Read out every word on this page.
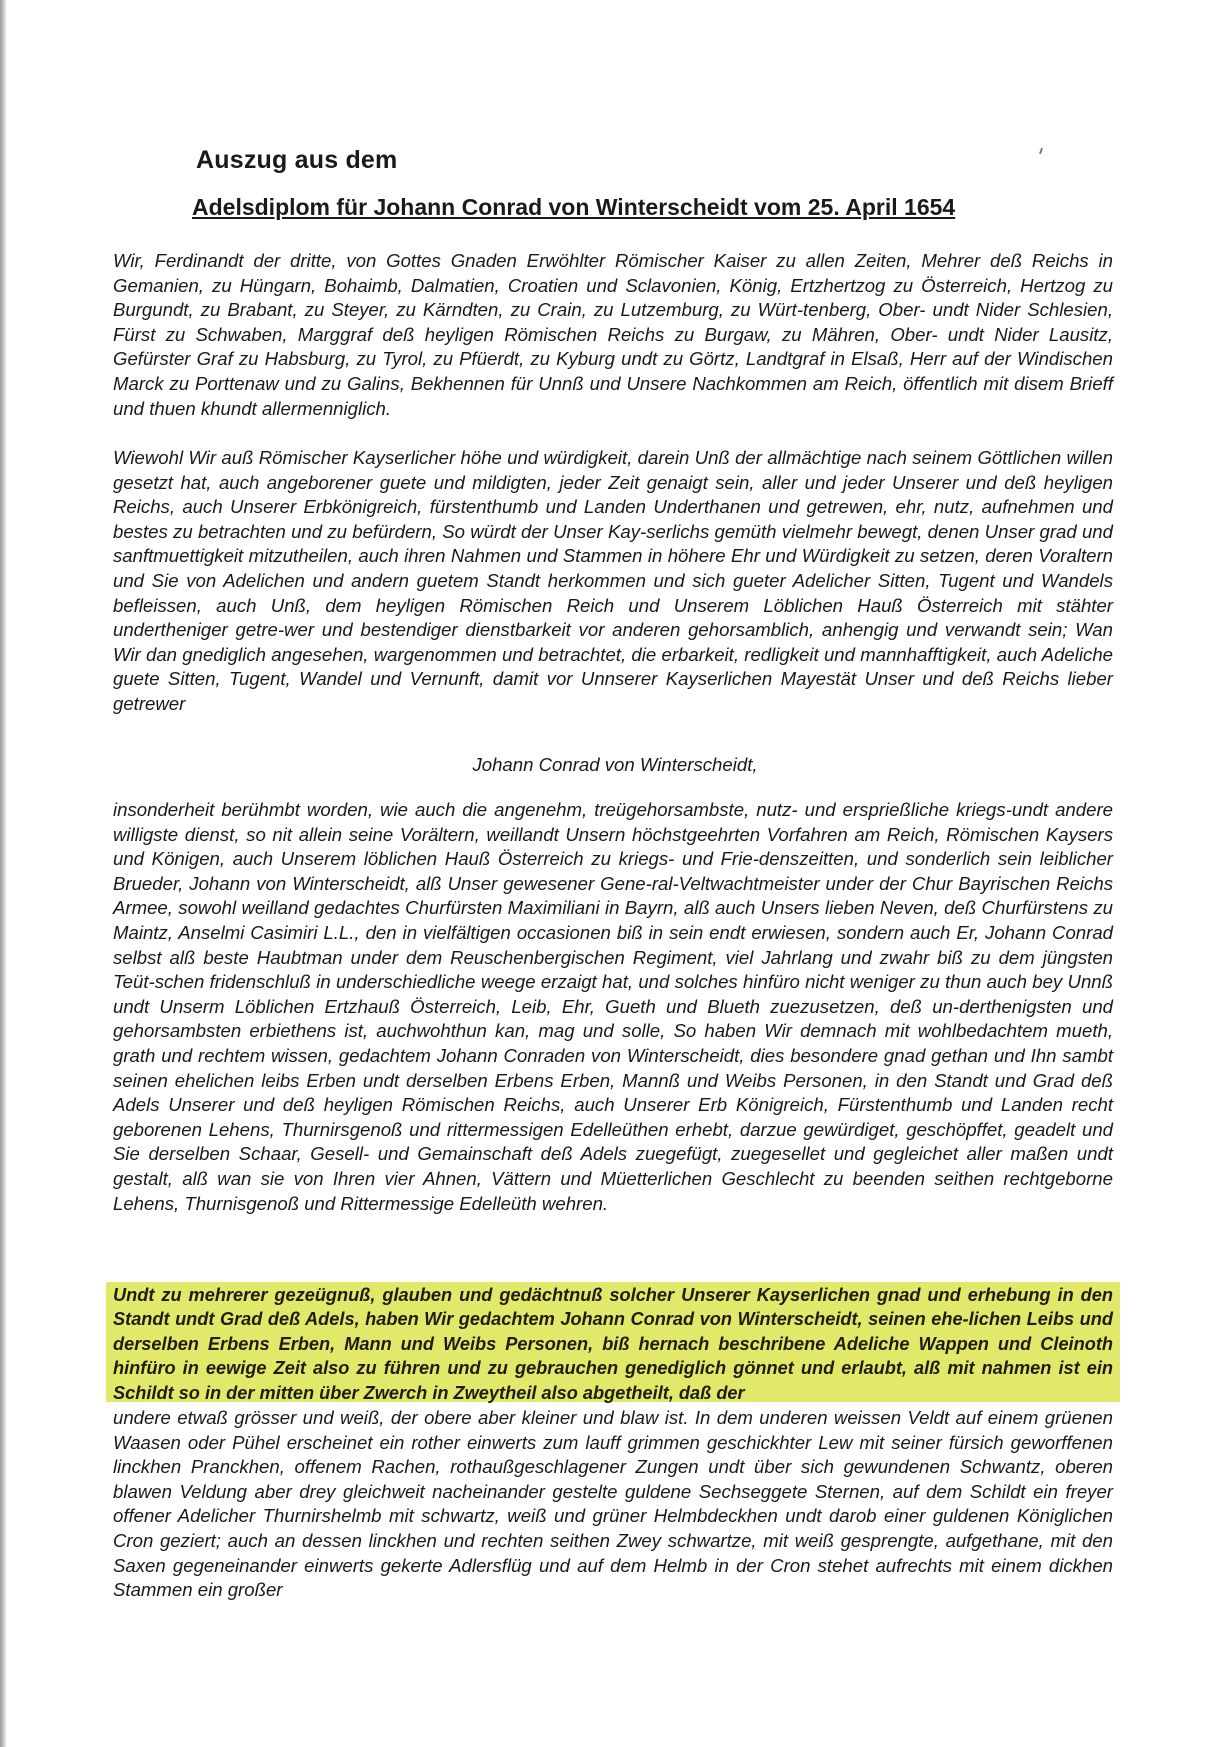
Auszug aus dem
Adelsdiplom für Johann Conrad von Winterscheidt vom 25. April 1654
Wir, Ferdinandt der dritte, von Gottes Gnaden Erwöhlter Römischer Kaiser zu allen Zeiten, Mehrer deß Reichs in Gemanien, zu Hüngarn, Bohaimb, Dalmatien, Croatien und Sclavonien, König, Ertzhertzog zu Österreich, Hertzog zu Burgundt, zu Brabant, zu Steyer, zu Kärndten, zu Crain, zu Lutzemburg, zu Würt-tenberg, Ober- undt Nider Schlesien, Fürst zu Schwaben, Marggraf deß heyligen Römischen Reichs zu Burgaw, zu Mähren, Ober- undt Nider Lausitz, Gefürster Graf zu Habsburg, zu Tyrol, zu Pfüerdt, zu Kyburg undt zu Görtz, Landtgraf in Elsaß, Herr auf der Windischen Marck zu Porttenaw und zu Galins, Bekhennen für Unnß und Unsere Nachkommen am Reich, öffentlich mit disem Brieff und thuen khundt allermenniglich.
Wiewohl Wir auß Römischer Kayserlicher höhe und würdigkeit, darein Unß der allmächtige nach seinem Göttlichen willen gesetzt hat, auch angeborener guete und mildigten, jeder Zeit genaigt sein, aller und jeder Unserer und deß heyligen Reichs, auch Unserer Erbkönigreich, fürstenthumb und Landen Underthanen und getrewen, ehr, nutz, aufnehmen und bestes zu betrachten und zu befürdern, So würdt der Unser Kay-serlichs gemüth vielmehr bewegt, denen Unser grad und sanftmuettigkeit mitzutheilen, auch ihren Nahmen und Stammen in höhere Ehr und Würdigkeit zu setzen, deren Voraltern und Sie von Adelichen und andern guetem Standt herkommen und sich gueter Adelicher Sitten, Tugent und Wandels befleissen, auch Unß, dem heyligen Römischen Reich und Unserem Löblichen Hauß Österreich mit stähter undertheniger getre-wer und bestendiger dienstbarkeit vor anderen gehorsamblich, anhengig und verwandt sein; Wan Wir dan gnediglich angesehen, wargenommen und betrachtet, die erbarkeit, redligkeit und mannhafftigkeit, auch Adeliche guete Sitten, Tugent, Wandel und Vernunft, damit vor Unnserer Kayserlichen Mayestät Unser und deß Reichs lieber getrewer
Johann Conrad von Winterscheidt,
insonderheit berühmbt worden, wie auch die angenehm, treügehorsambste, nutz- und ersprießliche kriegs-undt andere willigste dienst, so nit allein seine Vorältern, weillandt Unsern höchstgeehrten Vorfahren am Reich, Römischen Kaysers und Königen, auch Unserem löblichen Hauß Österreich zu kriegs- und Frie-denszeitten, und sonderlich sein leiblicher Brueder, Johann von Winterscheidt, alß Unser gewesener Gene-ral-Veltwachtmeister under der Chur Bayrischen Reichs Armee, sowohl weilland gedachtes Churfürsten Maximiliani in Bayrn, alß auch Unsers lieben Neven, deß Churfürstens zu Maintz, Anselmi Casimiri L.L., den in vielfältigen occasionen biß in sein endt erwiesen, sondern auch Er, Johann Conrad selbst alß beste Haubtman under dem Reuschenbergischen Regiment, viel Jahrlang und zwahr biß zu dem jüngsten Teüt-schen fridenschluß in underschiedliche weege erzaigt hat, und solches hinfüro nicht weniger zu thun auch bey Unnß undt Unserm Löblichen Ertzhauß Österreich, Leib, Ehr, Gueth und Blueth zuezusetzen, deß un-derthenigsten und gehorsambsten erbiethens ist, auchwohthun kan, mag und solle, So haben Wir demnach mit wohlbedachtem mueth, grath und rechtem wissen, gedachtem Johann Conraden von Winterscheidt, dies besondere gnad gethan und Ihn sambt seinen ehelichen leibs Erben undt derselben Erbens Erben, Mannß und Weibs Personen, in den Standt und Grad deß Adels Unserer und deß heyligen Römischen Reichs, auch Unserer Erb Königreich, Fürstenthumb und Landen recht geborenen Lehens, Thurnirsgenoß und rittermessigen Edelleüthen erhebt, darzue gewürdiget, geschöpffet, geadelt und Sie derselben Schaar, Gesell- und Gemainschaft deß Adels zuegefügt, zuegesellet und gegleichet aller maßen undt gestalt, alß wan sie von Ihren vier Ahnen, Vättern und Müetterlichen Geschlecht zu beenden seithen rechtgeborne Lehens, Thurnisgenoß und Rittermessige Edelleüth wehren.
Undt zu mehrerer gezeügnuß, glauben und gedächtnuß solcher Unserer Kayserlichen gnad und erhebung in den Standt undt Grad deß Adels, haben Wir gedachtem Johann Conrad von Winterscheidt, seinen ehe-lichen Leibs und derselben Erbens Erben, Mann und Weibs Personen, biß hernach beschribene Adeliche Wappen und Cleinoth hinfüro in eewige Zeit also zu führen und zu gebrauchen genediglich gönnet und erlaubt, alß mit nahmen ist ein Schildt so in der mitten über Zwerch in Zweytheil also abgetheilt, daß der
undere etwaß grösser und weiß, der obere aber kleiner und blaw ist. In dem underen weissen Veldt auf einem grüenen Waasen oder Pühel erscheinet ein rother einwerts zum lauff grimmen geschickhter Lew mit seiner fürsich geworffenen linckhen Pranckhen, offenem Rachen, rothaußgeschlagener Zungen undt über sich gewundenen Schwantz, oberen blawen Veldung aber drey gleichweit nacheinander gestelte guldene Sechseggete Sternen, auf dem Schildt ein freyer offener Adelicher Thurnirshelmb mit schwartz, weiß und grüner Helmbdeckhen undt darob einer guldenen Königlichen Cron geziert; auch an dessen linckhen und rechten seithen Zwey schwartze, mit weiß gesprengte, aufgethane, mit den Saxen gegeneinander einwerts gekerte Adlersflüg und auf dem Helmb in der Cron stehet aufrechts mit einem dickhen Stammen ein großer
